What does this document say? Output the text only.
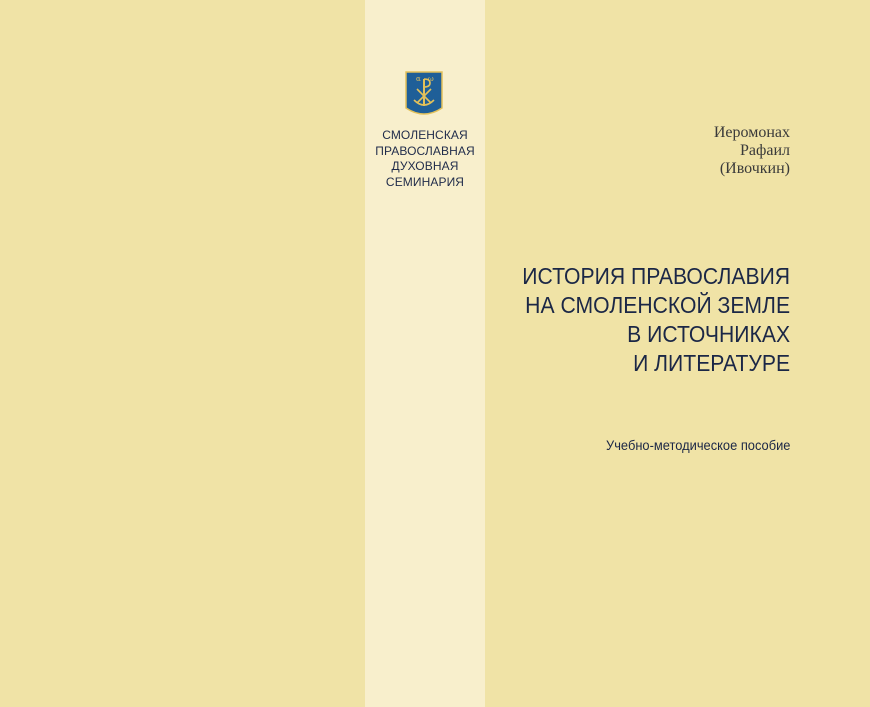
α ω
СМОЛЕНСКАЯ
ПРАВОСЛАВНАЯ
ДУХОВНАЯ
СЕМИНАРИЯ
Иеромонах
Рафаил
(Ивочкин)
ИСТОРИЯ ПРАВОСЛАВИЯ
НА СМОЛЕНСКОЙ ЗЕМЛЕ
В ИСТОЧНИКАХ
И ЛИТЕРАТУРЕ
Учебно-методическое пособие
